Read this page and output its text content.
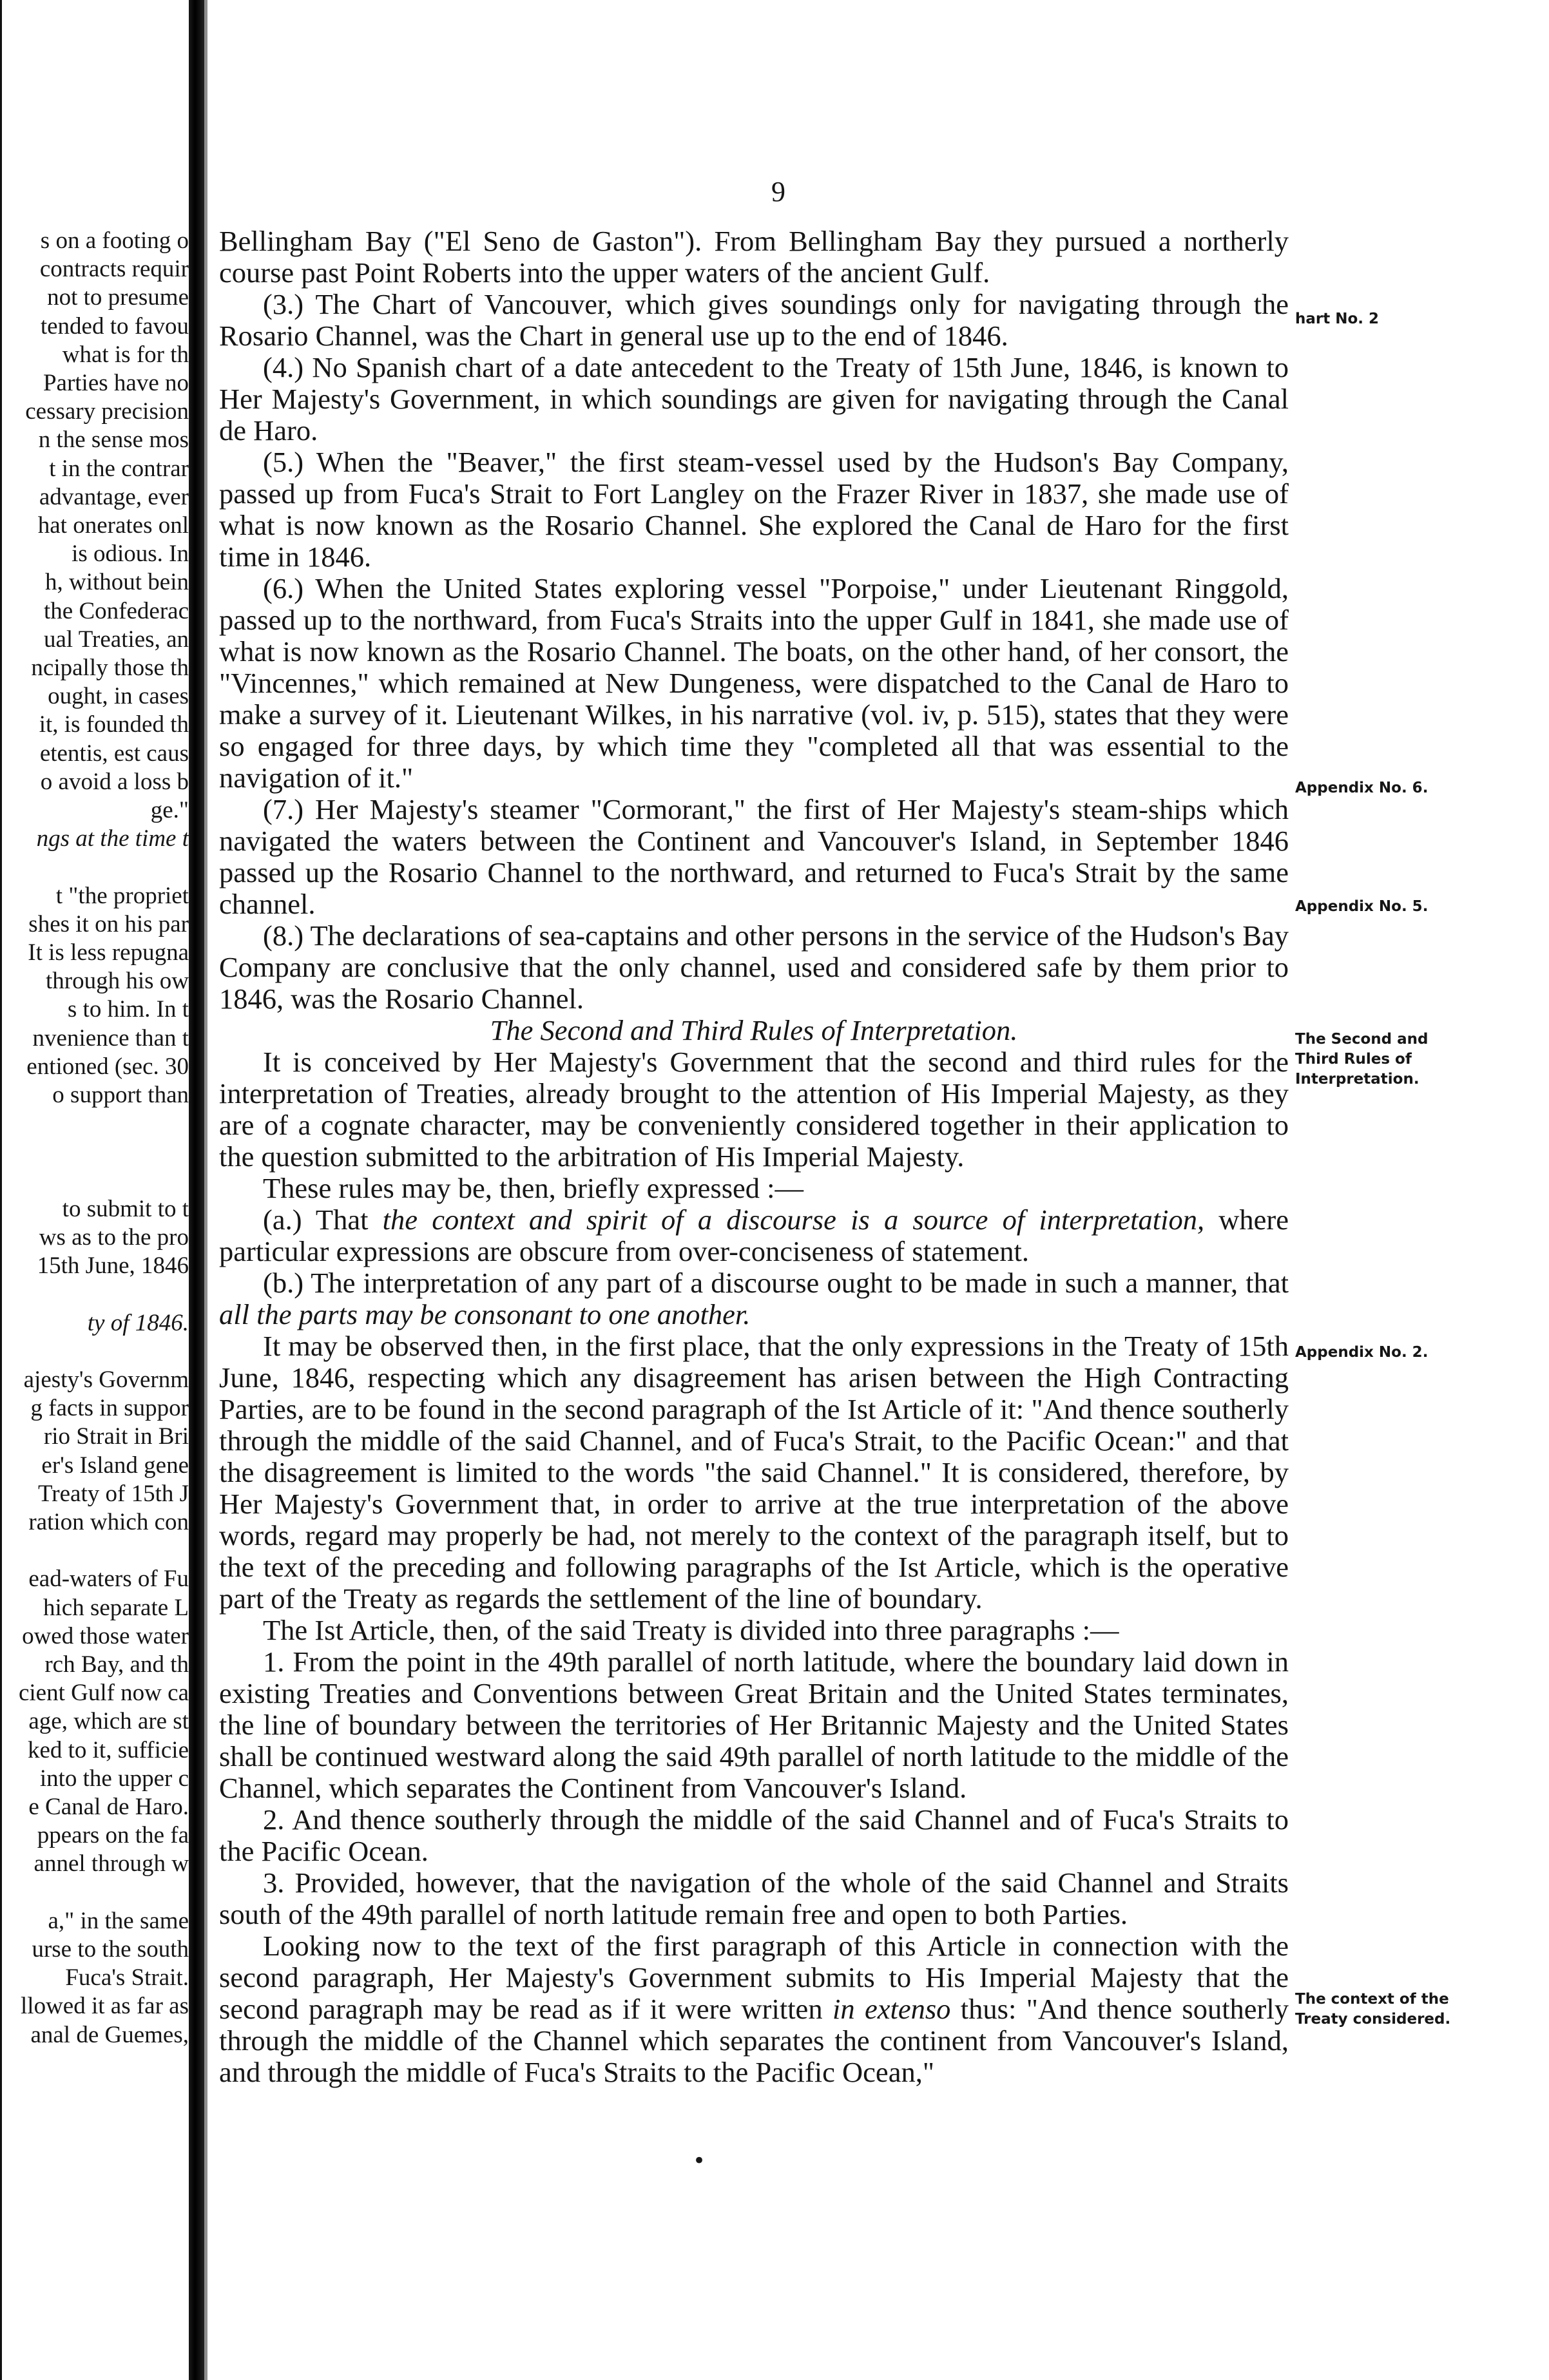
s on a footing o
contracts requir
not to presume
tended to favou
what is for th
Parties have no
cessary precision
n the sense mos
t in the contrar
advantage, ever
hat onerates onl
is odious. In
h, without bein
the Confederac
ual Treaties, an
ncipally those th
ought, in cases
it, is founded th
etentis, est caus
o avoid a loss b
ge."
ngs at the time t
t "the propriet
shes it on his par
It is less repugna
through his ow
s to him. In t
nvenience than t
entioned (sec. 30
o support than
to submit to t
ws as to the pro
15th June, 1846
ty of 1846.
ajesty's Governm
g facts in suppor
rio Strait in Bri
er's Island gene
Treaty of 15th J
ration which con
ead-waters of Fu
hich separate L
owed those water
rch Bay, and th
cient Gulf now ca
age, which are st
ked to it, sufficie
into the upper c
e Canal de Haro.
ppears on the fa
annel through w
a," in the same
urse to the south
Fuca's Strait.
llowed it as far as
anal de Guemes,
9

Bellingham Bay ("El Seno de Gaston"). From Bellingham Bay they pursued a northerly course past Point Roberts into the upper waters of the ancient Gulf.

(3.) The Chart of Vancouver, which gives soundings only for navigating through the Rosario Channel, was the Chart in general use up to the end of 1846.

(4.) No Spanish chart of a date antecedent to the Treaty of 15th June, 1846, is known to Her Majesty's Government, in which soundings are given for navigating through the Canal de Haro.

(5.) When the "Beaver," the first steam-vessel used by the Hudson's Bay Company, passed up from Fuca's Strait to Fort Langley on the Frazer River in 1837, she made use of what is now known as the Rosario Channel. She explored the Canal de Haro for the first time in 1846.

(6.) When the United States exploring vessel "Porpoise," under Lieutenant Ringgold, passed up to the northward, from Fuca's Straits into the upper Gulf in 1841, she made use of what is now known as the Rosario Channel. The boats, on the other hand, of her consort, the "Vincennes," which remained at New Dungeness, were dispatched to the Canal de Haro to make a survey of it. Lieutenant Wilkes, in his narrative (vol. iv, p. 515), states that they were so engaged for three days, by which time they "completed all that was essential to the navigation of it."

(7.) Her Majesty's steamer "Cormorant," the first of Her Majesty's steam-ships which navigated the waters between the Continent and Vancouver's Island, in September 1846 passed up the Rosario Channel to the northward, and returned to Fuca's Strait by the same channel.

(8.) The declarations of sea-captains and other persons in the service of the Hudson's Bay Company are conclusive that the only channel, used and considered safe by them prior to 1846, was the Rosario Channel.

The Second and Third Rules of Interpretation.

It is conceived by Her Majesty's Government that the second and third rules for the interpretation of Treaties, already brought to the attention of His Imperial Majesty, as they are of a cognate character, may be conveniently considered together in their application to the question submitted to the arbitration of His Imperial Majesty.

These rules may be, then, briefly expressed :—

(a.) That the context and spirit of a discourse is a source of interpretation, where particular expressions are obscure from over-conciseness of statement.

(b.) The interpretation of any part of a discourse ought to be made in such a manner, that all the parts may be consonant to one another.

It may be observed then, in the first place, that the only expressions in the Treaty of 15th June, 1846, respecting which any disagreement has arisen between the High Contracting Parties, are to be found in the second paragraph of the Ist Article of it: "And thence southerly through the middle of the said Channel, and of Fuca's Strait, to the Pacific Ocean:" and that the disagreement is limited to the words "the said Channel." It is considered, therefore, by Her Majesty's Government that, in order to arrive at the true interpretation of the above words, regard may properly be had, not merely to the context of the paragraph itself, but to the text of the preceding and following paragraphs of the Ist Article, which is the operative part of the Treaty as regards the settlement of the line of boundary.

The Ist Article, then, of the said Treaty is divided into three paragraphs :—

1. From the point in the 49th parallel of north latitude, where the boundary laid down in existing Treaties and Conventions between Great Britain and the United States terminates, the line of boundary between the territories of Her Britannic Majesty and the United States shall be continued westward along the said 49th parallel of north latitude to the middle of the Channel, which separates the Continent from Vancouver's Island.

2. And thence southerly through the middle of the said Channel and of Fuca's Straits to the Pacific Ocean.

3. Provided, however, that the navigation of the whole of the said Channel and Straits south of the 49th parallel of north latitude remain free and open to both Parties.

Looking now to the text of the first paragraph of this Article in connection with the second paragraph, Her Majesty's Government submits to His Imperial Majesty that the second paragraph may be read as if it were written in extenso thus: "And thence southerly through the middle of the Channel which separates the continent from Vancouver's Island, and through the middle of Fuca's Straits to the Pacific Ocean,"

•
hart No. 2
Appendix No. 6.
Appendix No. 5.
The Second and Third Rules of Interpretation.
Appendix No. 2.
The context of the Treaty considered.
